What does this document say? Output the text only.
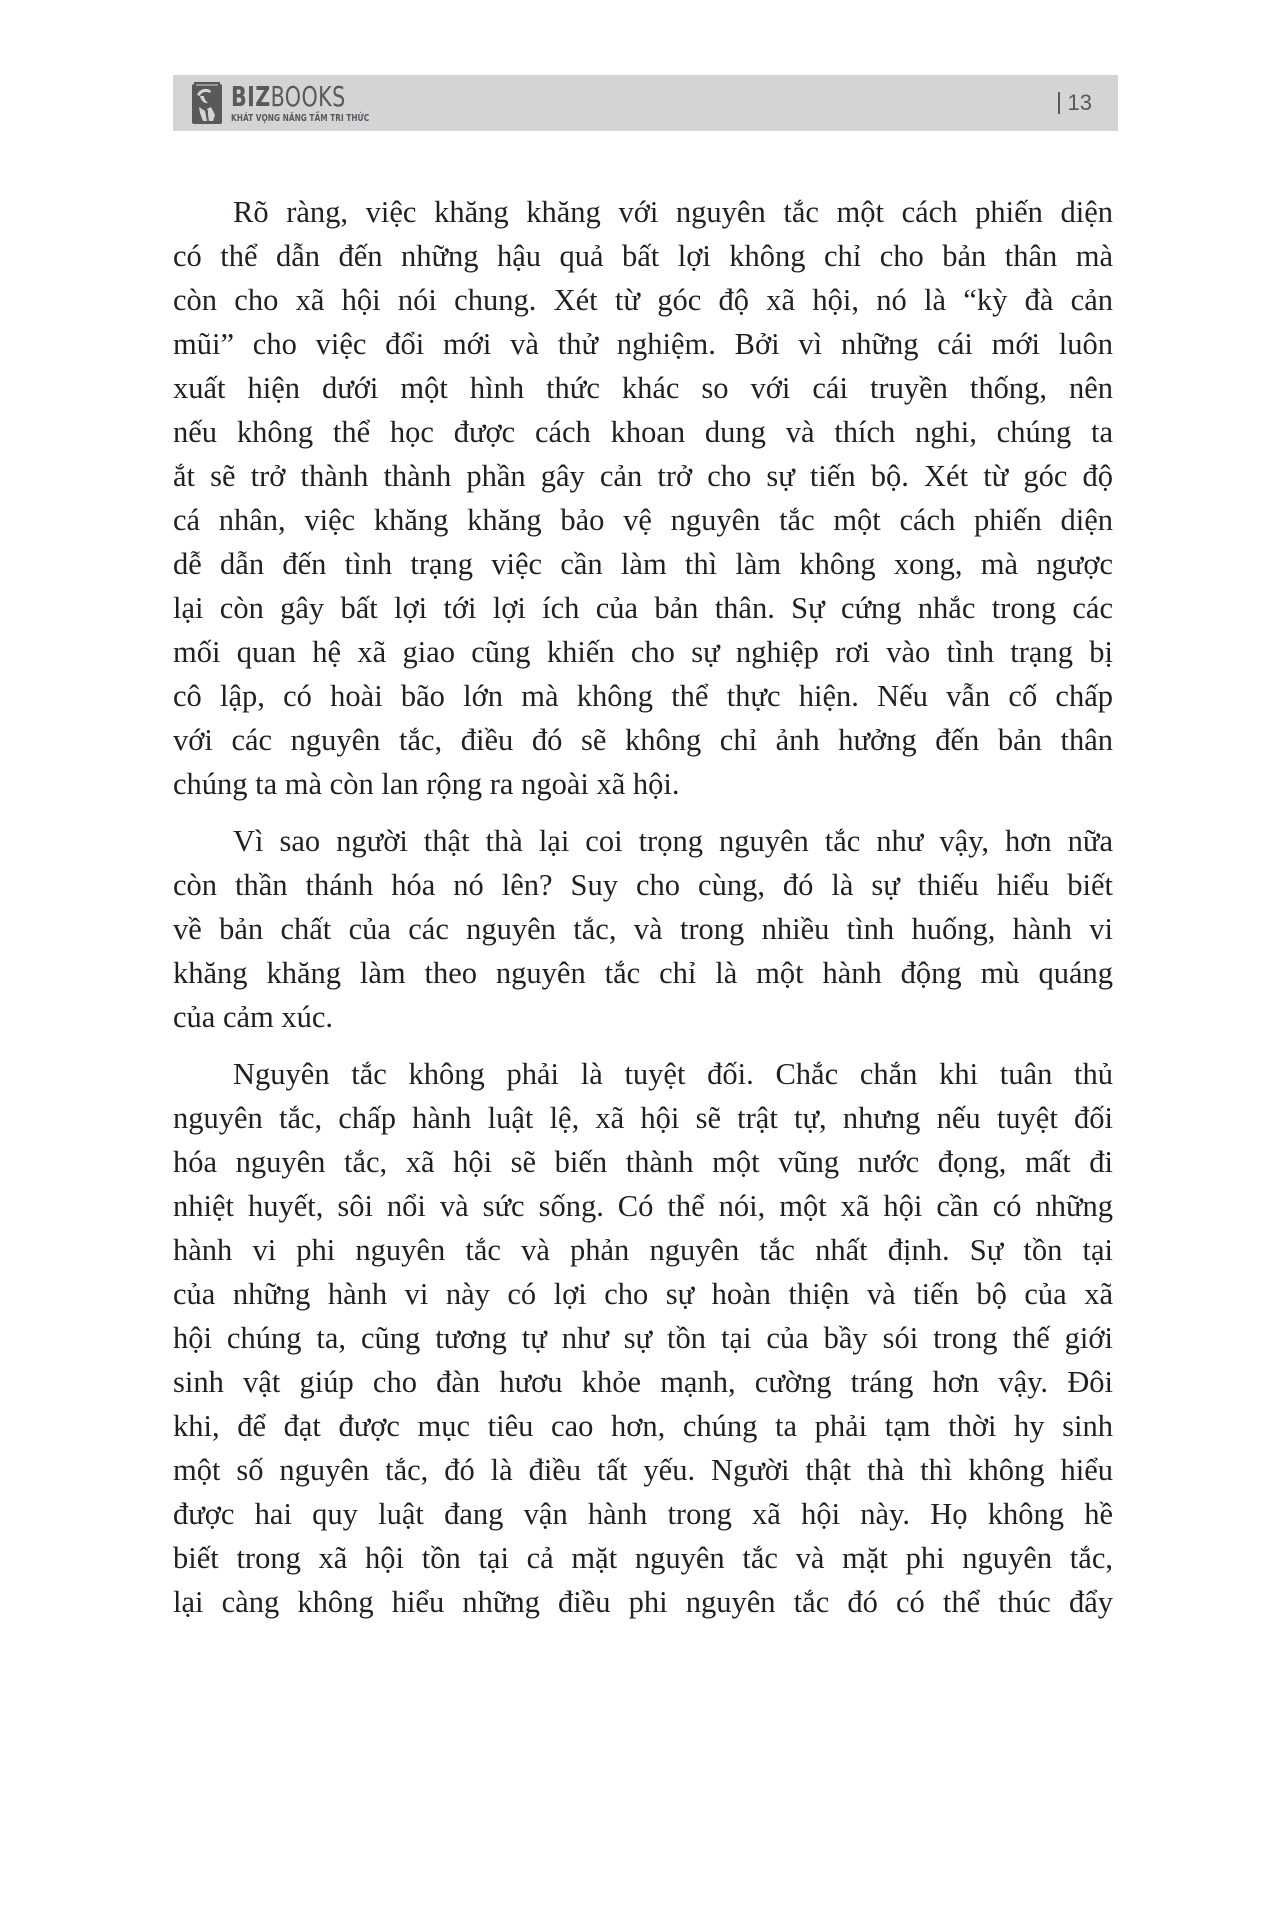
BIZBOOKS
KHÁT VỌNG NÂNG TẦM TRI THỨC
13
Rõ ràng, việc khăng khăng với nguyên tắc một cách phiến diện
có thể dẫn đến những hậu quả bất lợi không chỉ cho bản thân mà
còn cho xã hội nói chung. Xét từ góc độ xã hội, nó là “kỳ đà cản
mũi” cho việc đổi mới và thử nghiệm. Bởi vì những cái mới luôn
xuất hiện dưới một hình thức khác so với cái truyền thống, nên
nếu không thể học được cách khoan dung và thích nghi, chúng ta
ắt sẽ trở thành thành phần gây cản trở cho sự tiến bộ. Xét từ góc độ
cá nhân, việc khăng khăng bảo vệ nguyên tắc một cách phiến diện
dễ dẫn đến tình trạng việc cần làm thì làm không xong, mà ngược
lại còn gây bất lợi tới lợi ích của bản thân. Sự cứng nhắc trong các
mối quan hệ xã giao cũng khiến cho sự nghiệp rơi vào tình trạng bị
cô lập, có hoài bão lớn mà không thể thực hiện. Nếu vẫn cố chấp
với các nguyên tắc, điều đó sẽ không chỉ ảnh hưởng đến bản thân
chúng ta mà còn lan rộng ra ngoài xã hội.
Vì sao người thật thà lại coi trọng nguyên tắc như vậy, hơn nữa
còn thần thánh hóa nó lên? Suy cho cùng, đó là sự thiếu hiểu biết
về bản chất của các nguyên tắc, và trong nhiều tình huống, hành vi
khăng khăng làm theo nguyên tắc chỉ là một hành động mù quáng
của cảm xúc.
Nguyên tắc không phải là tuyệt đối. Chắc chắn khi tuân thủ
nguyên tắc, chấp hành luật lệ, xã hội sẽ trật tự, nhưng nếu tuyệt đối
hóa nguyên tắc, xã hội sẽ biến thành một vũng nước đọng, mất đi
nhiệt huyết, sôi nổi và sức sống. Có thể nói, một xã hội cần có những
hành vi phi nguyên tắc và phản nguyên tắc nhất định. Sự tồn tại
của những hành vi này có lợi cho sự hoàn thiện và tiến bộ của xã
hội chúng ta, cũng tương tự như sự tồn tại của bầy sói trong thế giới
sinh vật giúp cho đàn hươu khỏe mạnh, cường tráng hơn vậy. Đôi
khi, để đạt được mục tiêu cao hơn, chúng ta phải tạm thời hy sinh
một số nguyên tắc, đó là điều tất yếu. Người thật thà thì không hiểu
được hai quy luật đang vận hành trong xã hội này. Họ không hề
biết trong xã hội tồn tại cả mặt nguyên tắc và mặt phi nguyên tắc,
lại càng không hiểu những điều phi nguyên tắc đó có thể thúc đẩy
